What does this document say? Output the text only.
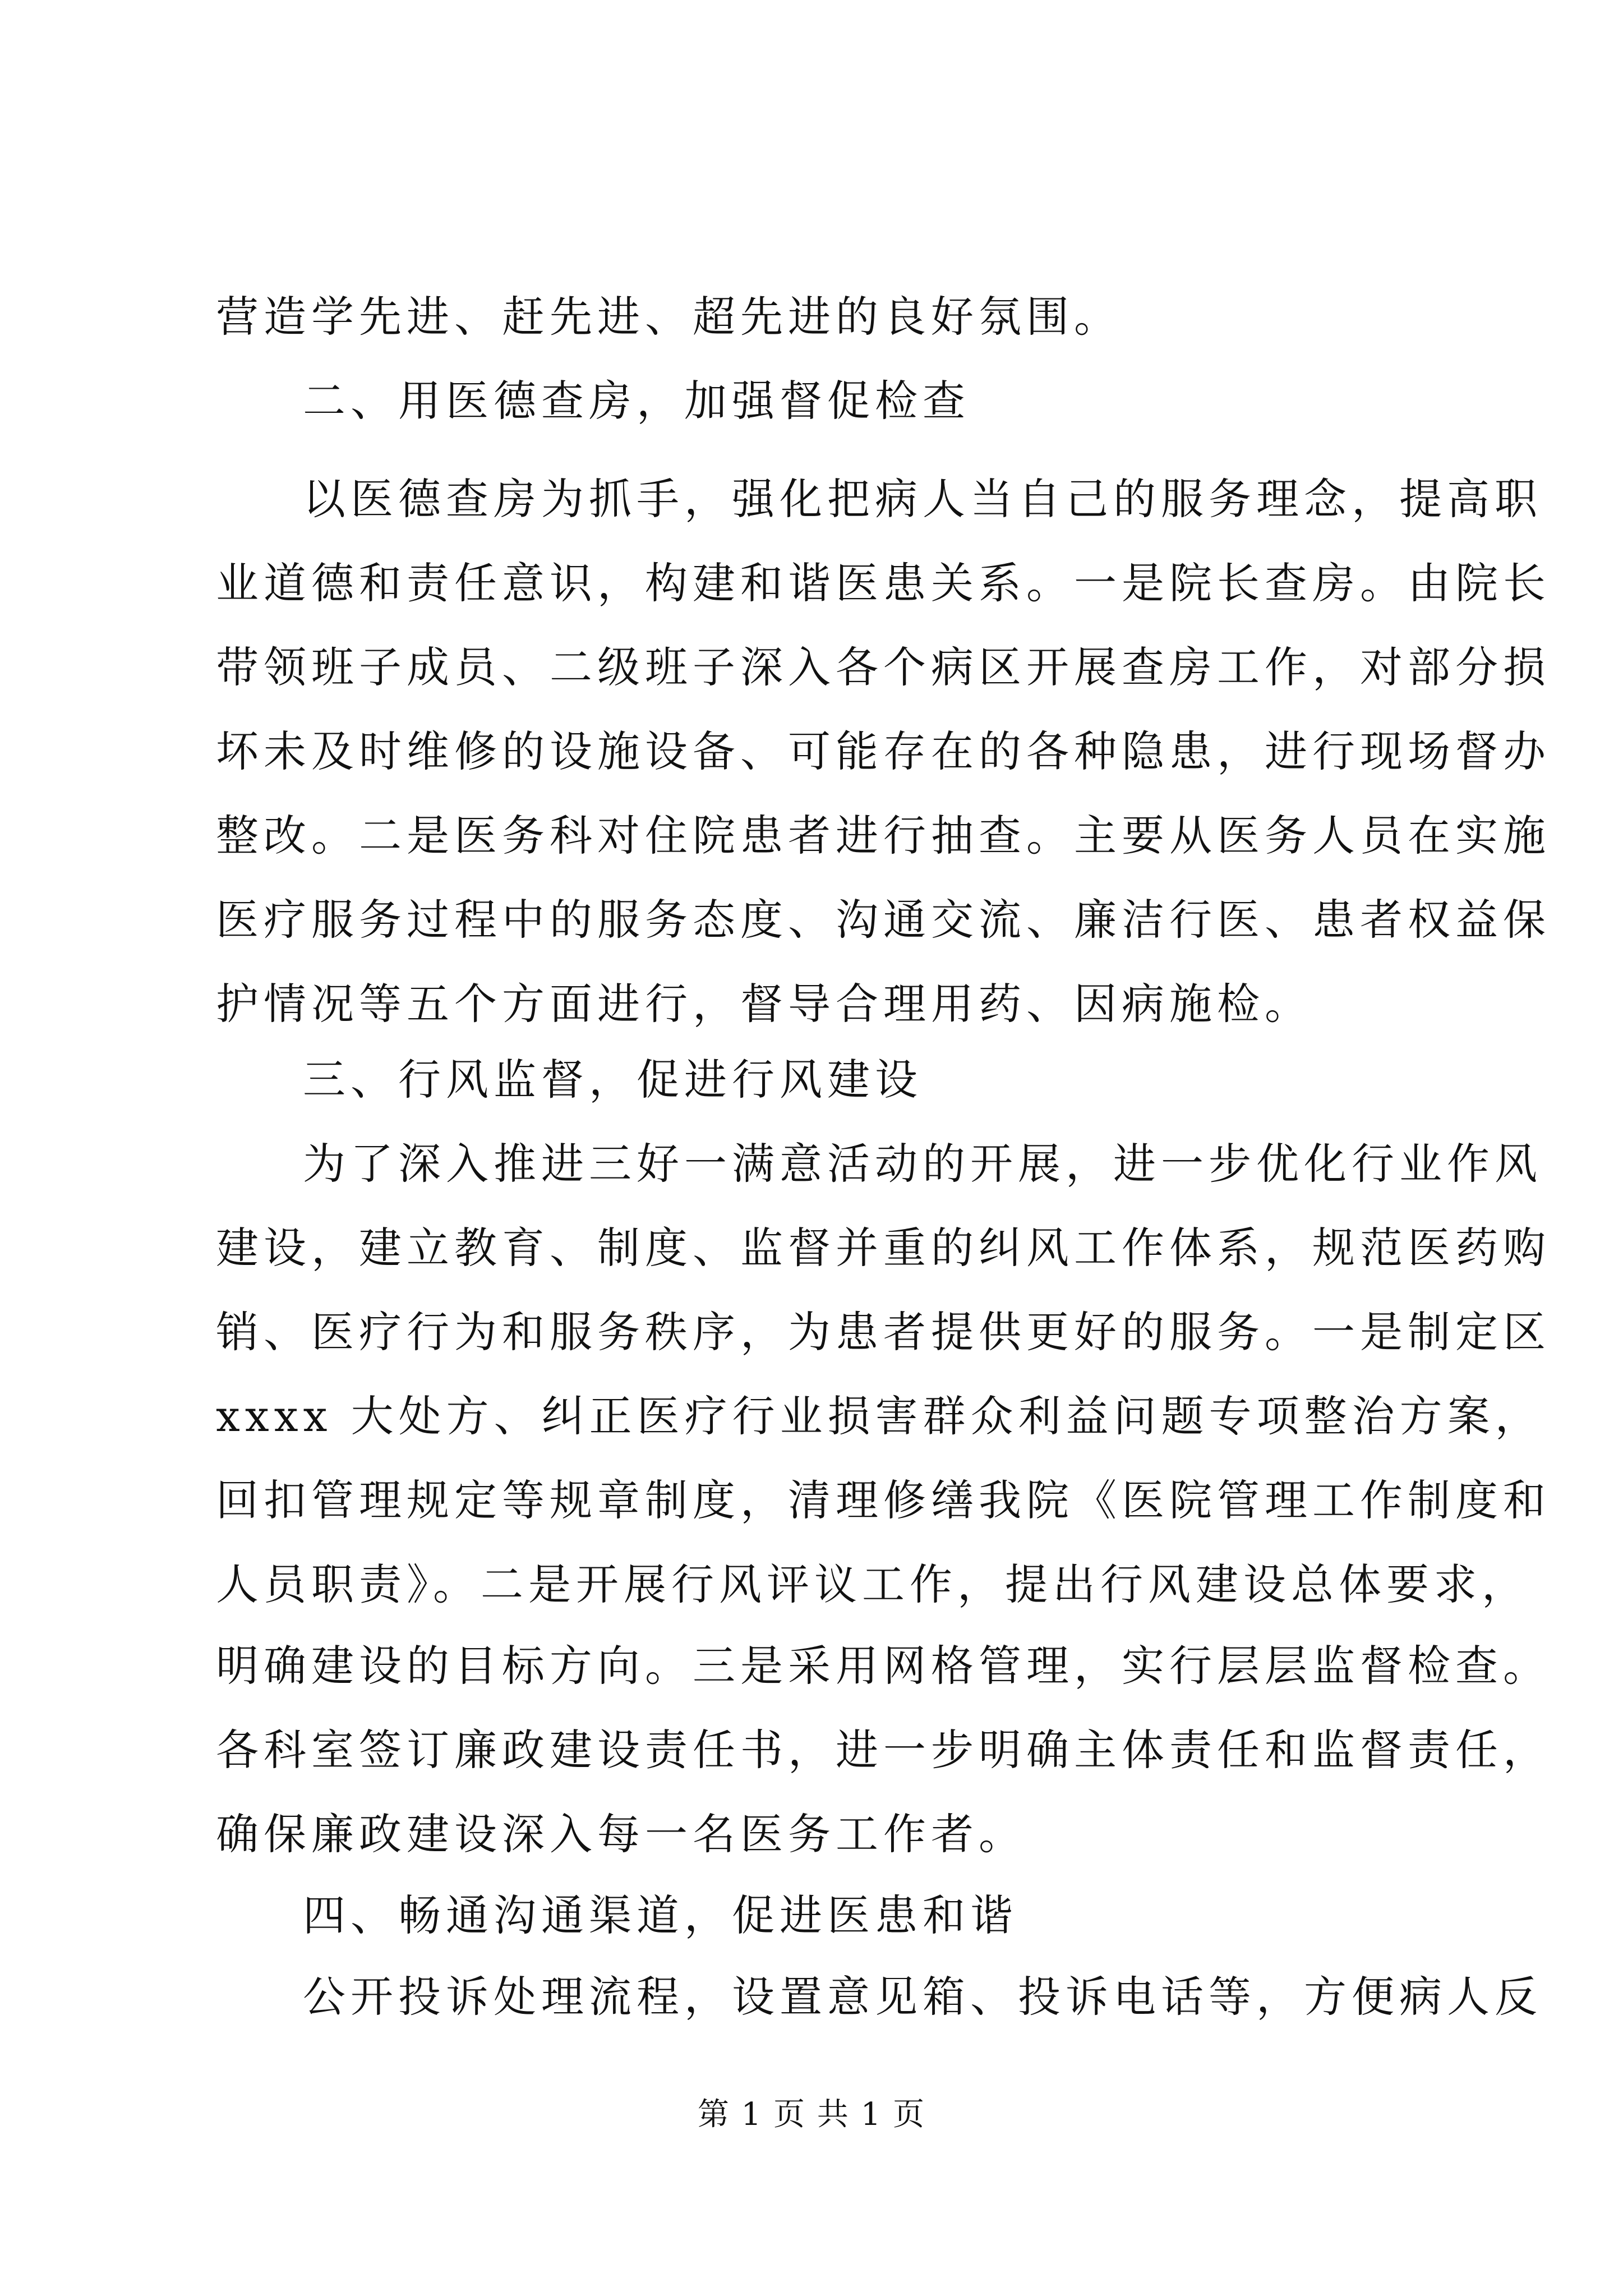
营造学先进、赶先进、超先进的良好氛围。
二、用医德查房，加强督促检查
以医德查房为抓手，强化把病人当自己的服务理念，提高职
业道德和责任意识，构建和谐医患关系。一是院长查房。由院长
带领班子成员、二级班子深入各个病区开展查房工作，对部分损
坏未及时维修的设施设备、可能存在的各种隐患，进行现场督办
整改。二是医务科对住院患者进行抽查。主要从医务人员在实施
医疗服务过程中的服务态度、沟通交流、廉洁行医、患者权益保
护情况等五个方面进行，督导合理用药、因病施检。
三、行风监督，促进行风建设
为了深入推进三好一满意活动的开展，进一步优化行业作风
建设，建立教育、制度、监督并重的纠风工作体系，规范医药购
销、医疗行为和服务秩序，为患者提供更好的服务。一是制定区
xxxx 大处方、纠正医疗行业损害群众利益问题专项整治方案，
回扣管理规定等规章制度，清理修缮我院《医院管理工作制度和
人员职责》。二是开展行风评议工作，提出行风建设总体要求，
明确建设的目标方向。三是采用网格管理，实行层层监督检查。
各科室签订廉政建设责任书，进一步明确主体责任和监督责任，
确保廉政建设深入每一名医务工作者。
四、畅通沟通渠道，促进医患和谐
公开投诉处理流程，设置意见箱、投诉电话等，方便病人反
第 1 页 共 1 页
